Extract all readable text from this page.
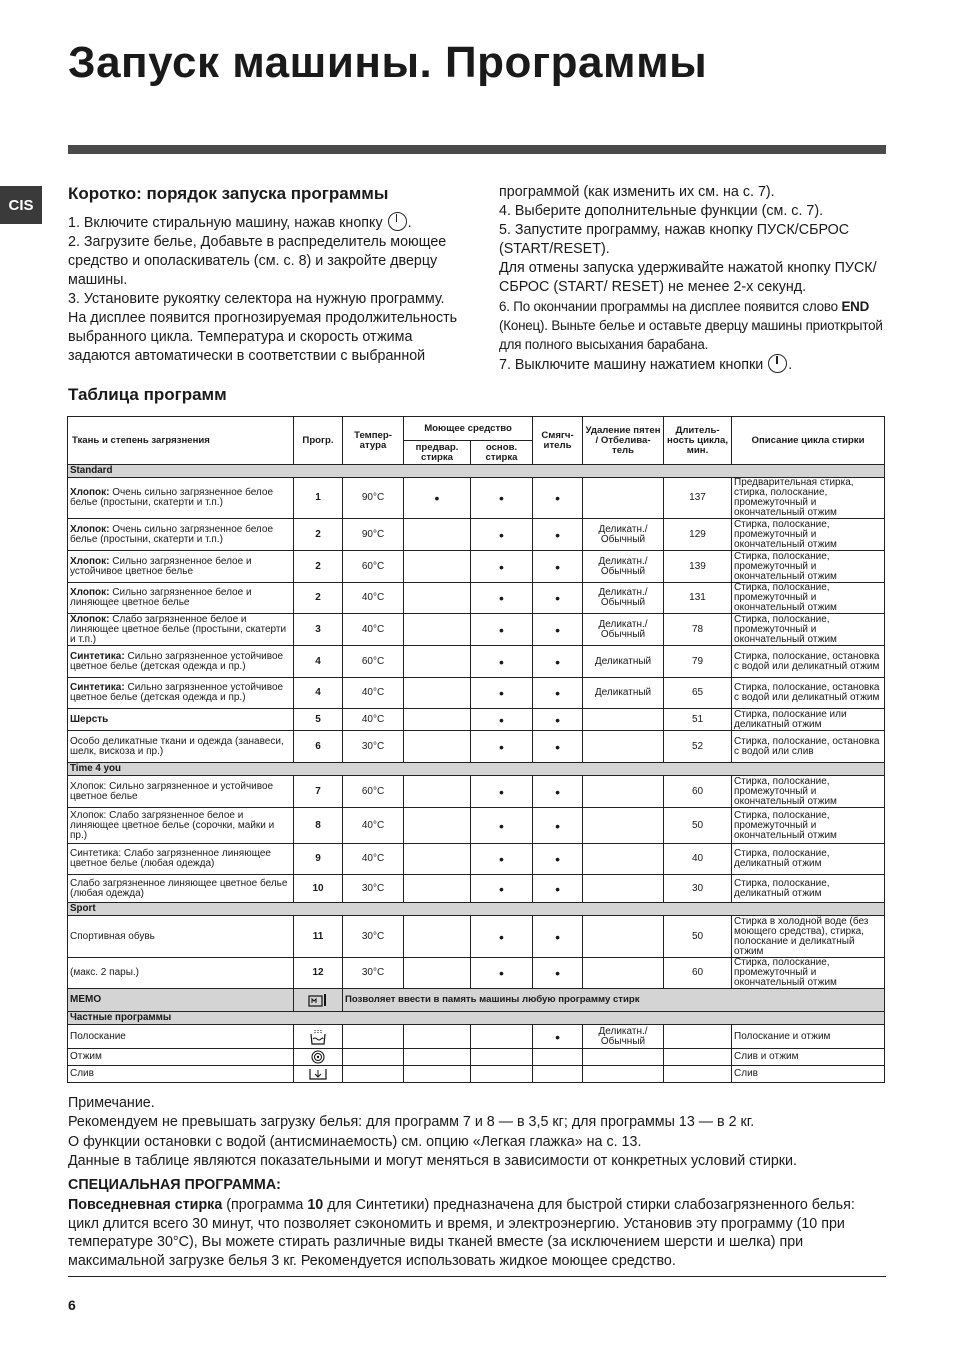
Запуск машины. Программы
CIS
Коротко: порядок запуска программы

1. Включите стиральную машину, нажав кнопку .

2. Загрузите белье, Добавьте в распределитель моющее средство и ополаскиватель (см. с. 8) и закройте дверцу машины.

3. Установите рукоятку селектора на нужную программу. На дисплее появится прогнозируемая продолжительность выбранного цикла. Температура и скорость отжима задаются автоматически в соответствии с выбранной

программой (как изменить их см. на с. 7).

4. Выберите дополнительные функции (см. с. 7).

5. Запустите программу, нажав кнопку ПУСК/СБРОС (START/RESET).

Для отмены запуска удерживайте нажатой кнопку ПУСК/СБРОС (START/ RESET) не менее 2-х секунд.

6. По окончании программы на дисплее появится слово END (Конец). Выньте белье и оставьте дверцу машины приоткрытой для полного высыхания барабана.

7. Выключите машину нажатием кнопки .

Таблица программ
Ткань и степень загрязнения	Прогр.	Темпер-атура	Моющее средство		Смягч-итель	Удаление пятен / Отбелива-тель	Длитель-ность цикла, мин.	Описание цикла стирки
			предвар. стирка	основ. стирка				
Standard								
Хлопок: Очень сильно загрязненное белое белье (простыни, скатерти и т.п.)	1	90°C	•	•	•		137	Предварительная стирка, стирка, полоскание, промежуточный и окончательный отжим
Хлопок: Очень сильно загрязненное белое белье (простыни, скатерти и т.п.)	2	90°C		•	•	Деликатн./ Обычный	129	Стирка, полоскание, промежуточный и окончательный отжим
Хлопок: Сильно загрязненное белое и устойчивое цветное белье	2	60°C		•	•	Деликатн./ Обычный	139	Стирка, полоскание, промежуточный и окончательный отжим
Хлопок: Сильно загрязненное белое и линяющее цветное белье	2	40°C		•	•	Деликатн./ Обычный	131	Стирка, полоскание, промежуточный и окончательный отжим
Хлопок: Слабо загрязненное белое и линяющее цветное белье (простыни, скатерти и т.п.)	3	40°C		•	•	Деликатн./ Обычный	78	Стирка, полоскание, промежуточный и окончательный отжим
Синтетика: Сильно загрязненное устойчивое цветное белье (детская одежда и пр.)	4	60°C		•	•	Деликатный	79	Стирка, полоскание, остановка с водой или деликатный отжим
Синтетика: Сильно загрязненное устойчивое цветное белье (детская одежда и пр.)	4	40°C		•	•	Деликатный	65	Стирка, полоскание, остановка с водой или деликатный отжим
Шерсть	5	40°C		•	•		51	Стирка, полоскание или деликатный отжим
Особо деликатные ткани и одежда (занавеси, шелк, вискоза и пр.)	6	30°C		•	•		52	Стирка, полоскание, остановка с водой или слив
Time 4 you								
Хлопок: Сильно загрязненное и устойчивое цветное белье	7	60°C		•	•		60	Стирка, полоскание, промежуточный и окончательный отжим
Хлопок: Слабо загрязненное белое и линяющее цветное белье (сорочки, майки и пр.)	8	40°C		•	•		50	Стирка, полоскание, промежуточный и окончательный отжим
Синтетика: Слабо загрязненное линяющее цветное белье (любая одежда)	9	40°C		•	•		40	Стирка, полоскание, деликатный отжим
Слабо загрязненное линяющее цветное белье (любая одежда)	10	30°C		•	•		30	Стирка, полоскание, деликатный отжим
Sport								
Спортивная обувь	11	30°C		•	•		50	Стирка в холодной воде (без моющего средства), стирка, полоскание и деликатный отжим
(макс. 2 пары.)	12	30°C		•	•		60	Стирка, полоскание, промежуточный и окончательный отжим
MEMO		Позволяет ввести в память машины любую программу стирк						
Частные программы								
Полоскание					•	Деликатн./ Обычный		Полоскание и отжим
Отжим								Слив и отжим
Слив								Слив

Примечание.

Рекомендуем не превышать загрузку белья: для программ 7 и 8 — в 3,5 кг; для программы 13 — в 2 кг.

О функции остановки с водой (антисминаемость) см. опцию «Легкая глажка» на с. 13.

Данные в таблице являются показательными и могут меняться в зависимости от конкретных условий стирки.

СПЕЦИАЛЬНАЯ ПРОГРАММА:

Повседневная стирка (программа 10 для Синтетики) предназначена для быстрой стирки слабозагрязненного белья: цикл длится всего 30 минут, что позволяет сэкономить и время, и электроэнергию. Установив эту программу (10 при температуре 30°C), Вы можете стирать различные виды тканей вместе (за исключением шерсти и шелка) при максимальной загрузке белья 3 кг. Рекомендуется использовать жидкое моющее средство.

6
